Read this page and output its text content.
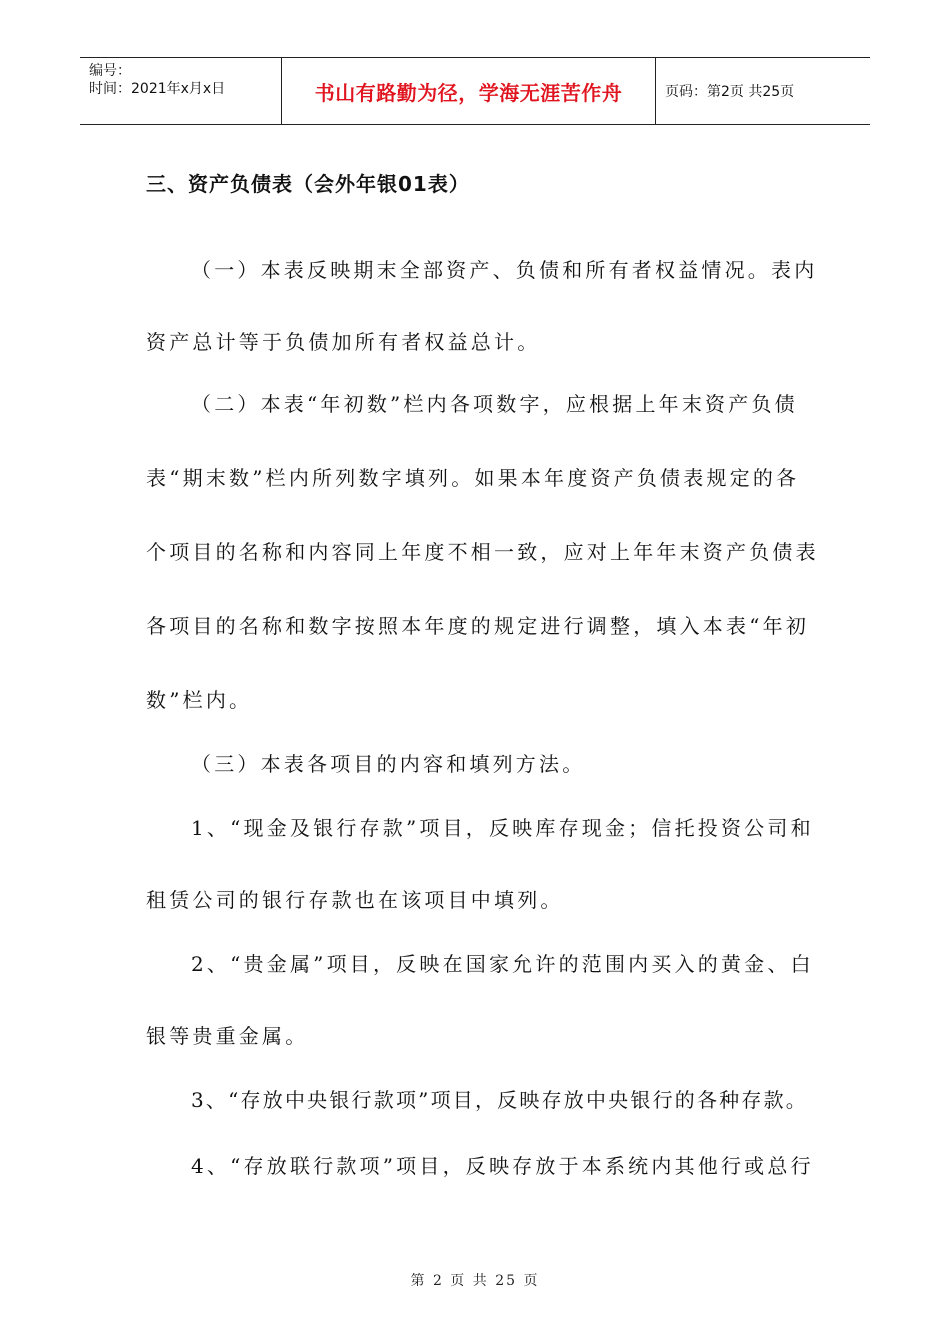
编号：
时间：2021年x月x日	书山有路勤为径，学海无涯苦作舟	页码：第2页 共25页
三、资产负债表（会外年银01表）
（一）本表反映期末全部资产、负债和所有者权益情况。表内
资产总计等于负债加所有者权益总计。
（二）本表“年初数”栏内各项数字，应根据上年末资产负债
表“期末数”栏内所列数字填列。如果本年度资产负债表规定的各
个项目的名称和内容同上年度不相一致，应对上年年末资产负债表
各项目的名称和数字按照本年度的规定进行调整，填入本表“年初
数”栏内。
（三）本表各项目的内容和填列方法。
1、“现金及银行存款”项目，反映库存现金；信托投资公司和
租赁公司的银行存款也在该项目中填列。
2、“贵金属”项目，反映在国家允许的范围内买入的黄金、白
银等贵重金属。
3、“存放中央银行款项”项目，反映存放中央银行的各种存款。
4、“存放联行款项”项目，反映存放于本系统内其他行或总行
第 2 页 共 25 页
